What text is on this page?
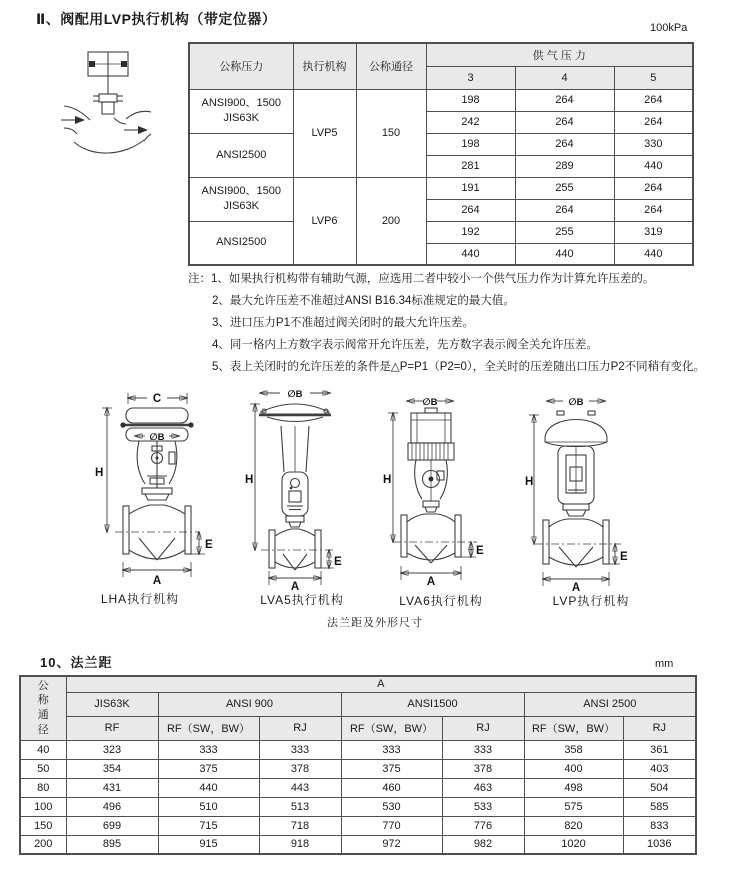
Ⅱ、阀配用LVP执行机构（带定位器）
100kPa
公称压力	执行机构	公称通径	供 气 压 力		
			3	4	5

ANSI900、1500
JIS63K	LVP5	150	198	264	264
			242	264	264

ANSI2500			198	264	330
			281	289	440

ANSI900、1500
JIS63K	LVP6	200	191	255	264
			264	264	264

ANSI2500			192	255	319
			440	440	440
注：1、如果执行机构带有辅助气源，应选用二者中较小一个供气压力作为计算允许压差的。
2、最大允许压差不准超过ANSI B16.34标准规定的最大值。
3、进口压力P1不准超过阀关闭时的最大允许压差。
4、同一格内上方数字表示阀常开允许压差，先方数字表示阀全关允许压差。
5、表上关闭时的允许压差的条件是△P=P1（P2=0），全关时的压差随出口压力P2不同稍有变化。
C
∅B
H
A
E
∅B
H
A
E
∅B
H
A
E
∅B
H
A
E
LHA执行机构	LVA5执行机构	LVA6执行机构	LVP执行机构
法兰距及外形尺寸
10、法兰距	mm
公称通径	A						
	JIS63K	ANSI 900		ANSI1500		ANSI 2500	
	RF	RF（SW，BW）	RJ	RF（SW，BW）	RJ	RF（SW，BW）	RJ
40	323	333	333	333	333	358	361
50	354	375	378	375	378	400	403
80	431	440	443	460	463	498	504
100	496	510	513	530	533	575	585
150	699	715	718	770	776	820	833
200	895	915	918	972	982	1020	1036
